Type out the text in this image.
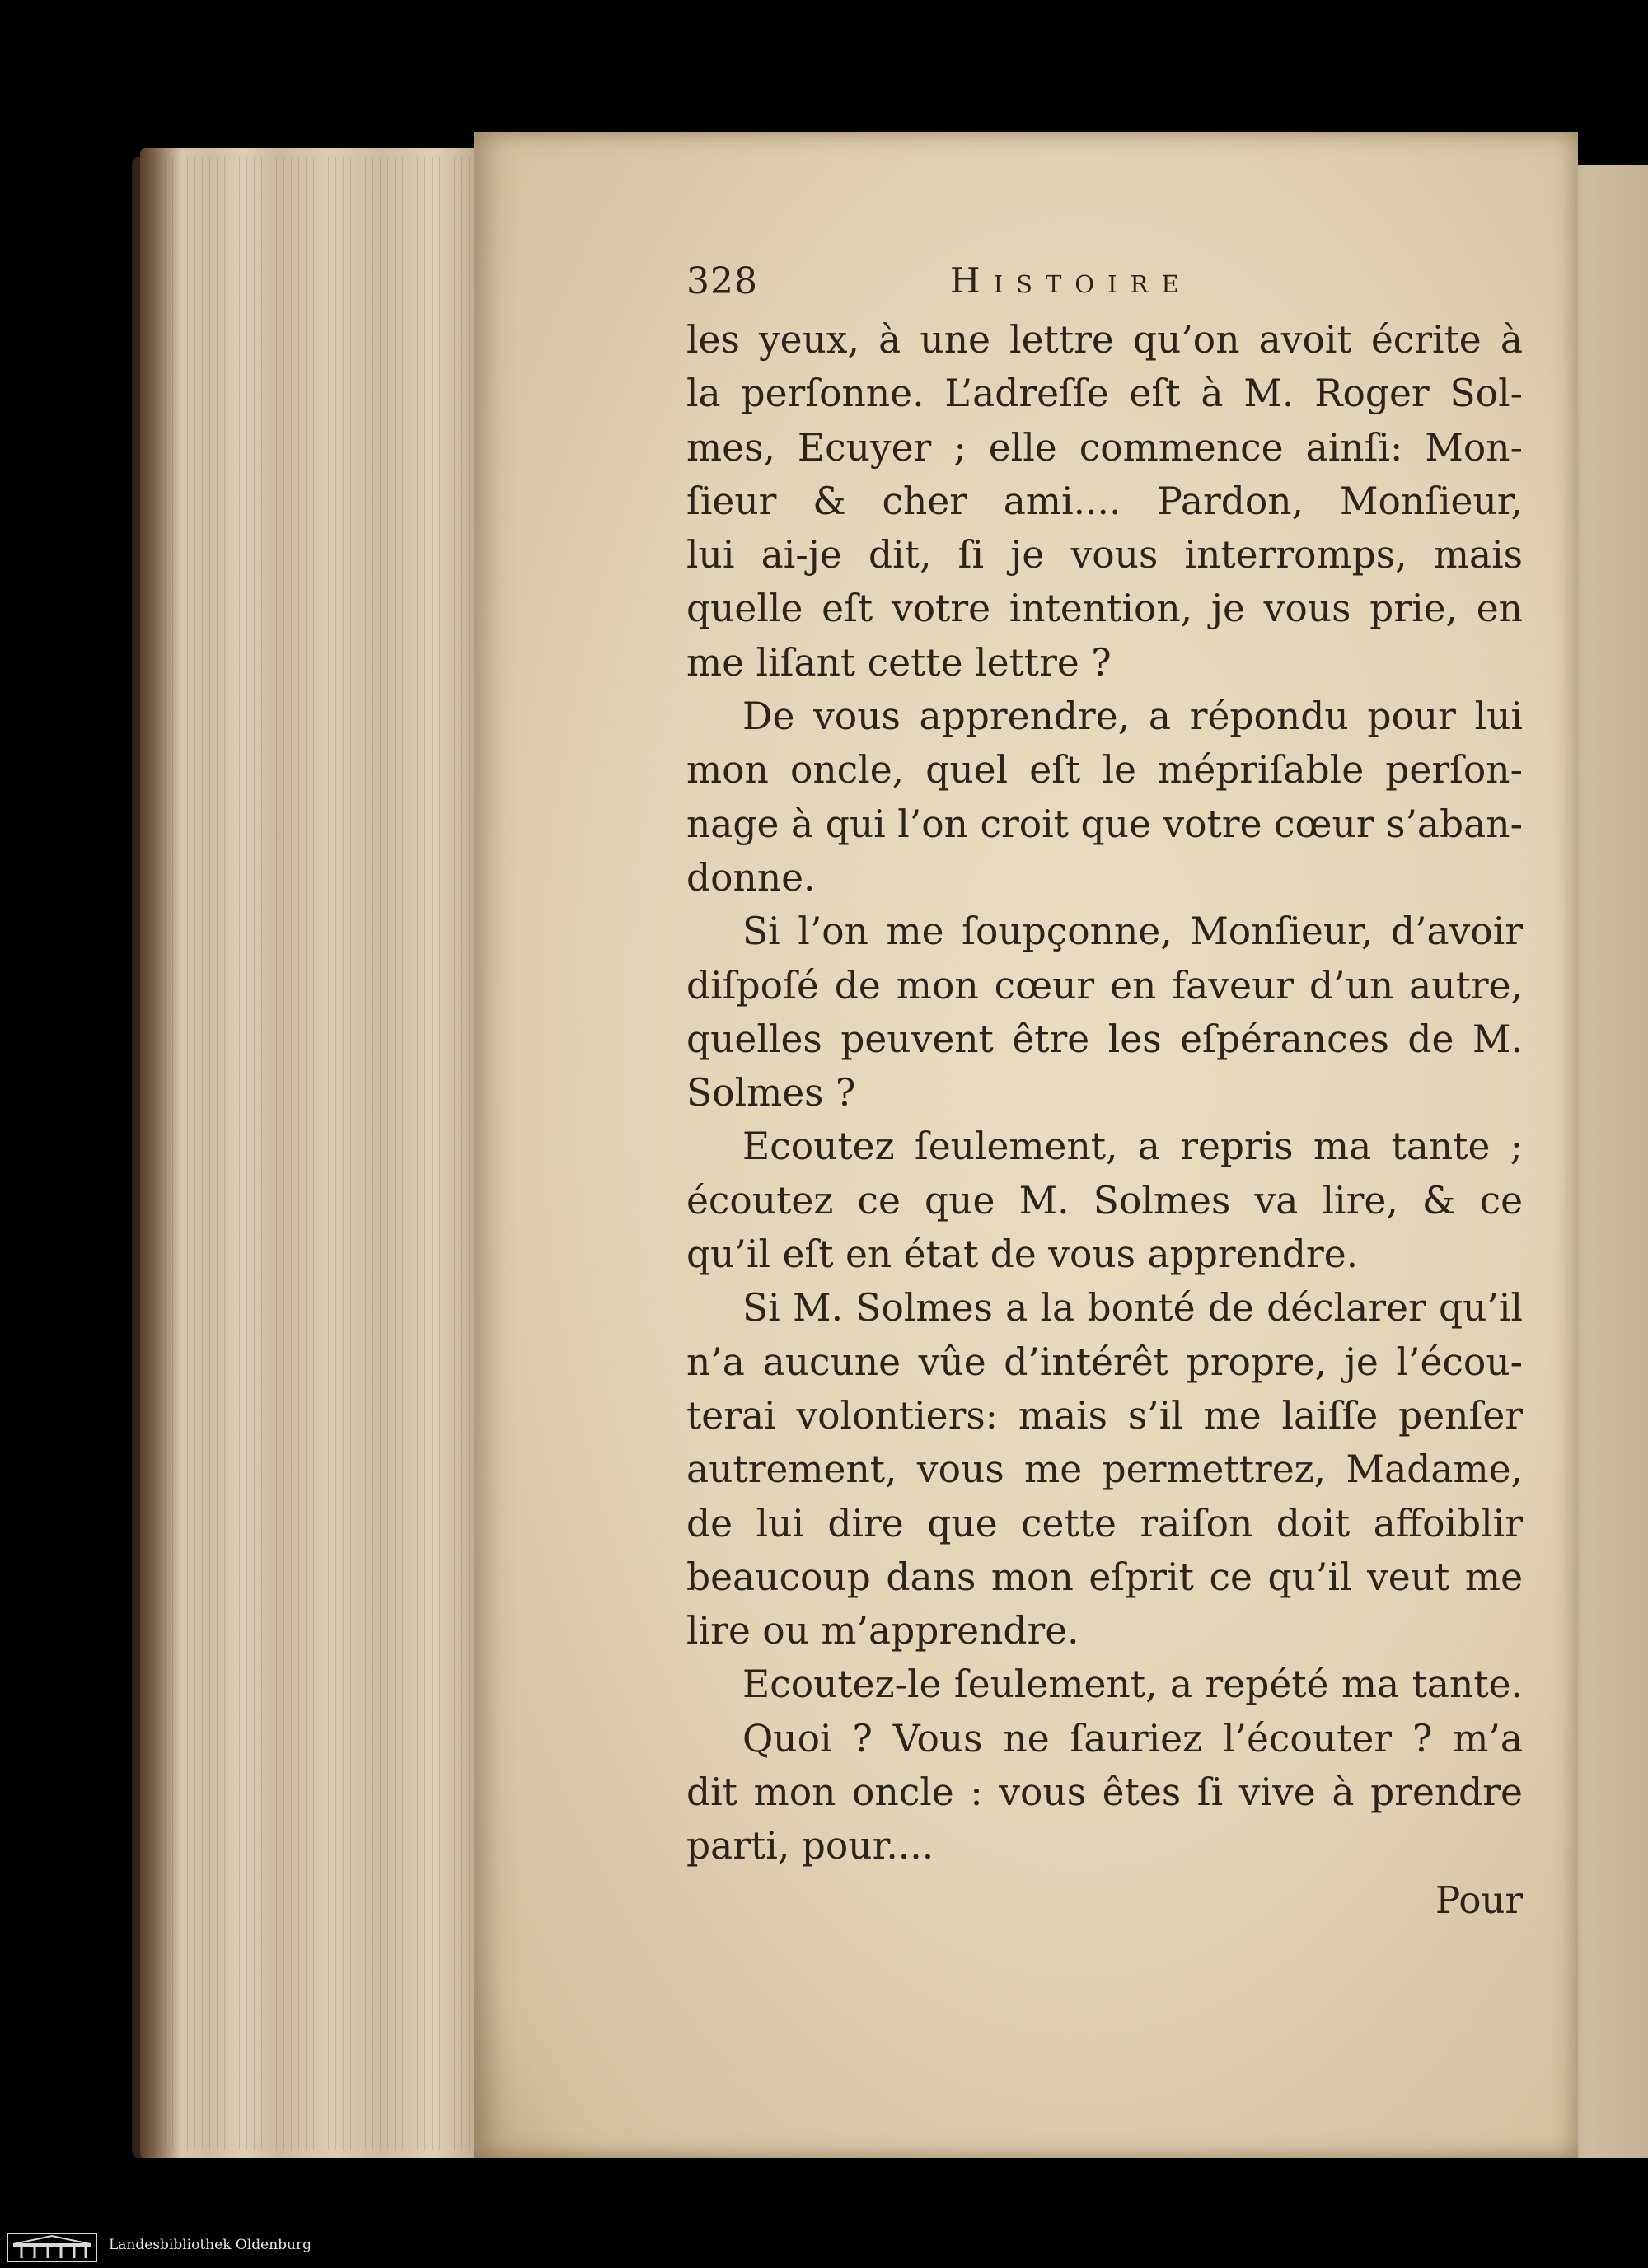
328	Histoire
les yeux, à une lettre qu’on avoit écrite à
la perſonne. L’adreſſe eſt à M. Roger Sol-
mes, Ecuyer ; elle commence ainſi: Mon-
ſieur & cher ami.... Pardon, Monſieur,
lui ai-je dit, ſi je vous interromps, mais
quelle eſt votre intention, je vous prie, en
me liſant cette lettre ?
De vous apprendre, a répondu pour lui
mon oncle, quel eſt le mépriſable perſon-
nage à qui l’on croit que votre cœur s’aban-
donne.
Si l’on me ſoupçonne, Monſieur, d’avoir
diſpoſé de mon cœur en faveur d’un autre,
quelles peuvent être les eſpérances de M.
Solmes ?
Ecoutez ſeulement, a repris ma tante ;
écoutez ce que M. Solmes va lire, & ce
qu’il eſt en état de vous apprendre.
Si M. Solmes a la bonté de déclarer qu’il
n’a aucune vûe d’intérêt propre, je l’écou-
terai volontiers: mais s’il me laiſſe penſer
autrement, vous me permettrez, Madame,
de lui dire que cette raiſon doit affoiblir
beaucoup dans mon eſprit ce qu’il veut me
lire ou m’apprendre.
Ecoutez-le ſeulement, a repété ma tante.
Quoi ? Vous ne ſauriez l’écouter ? m’a
dit mon oncle : vous êtes ſi vive à prendre
parti, pour....
Pour
Landesbibliothek Oldenburg
